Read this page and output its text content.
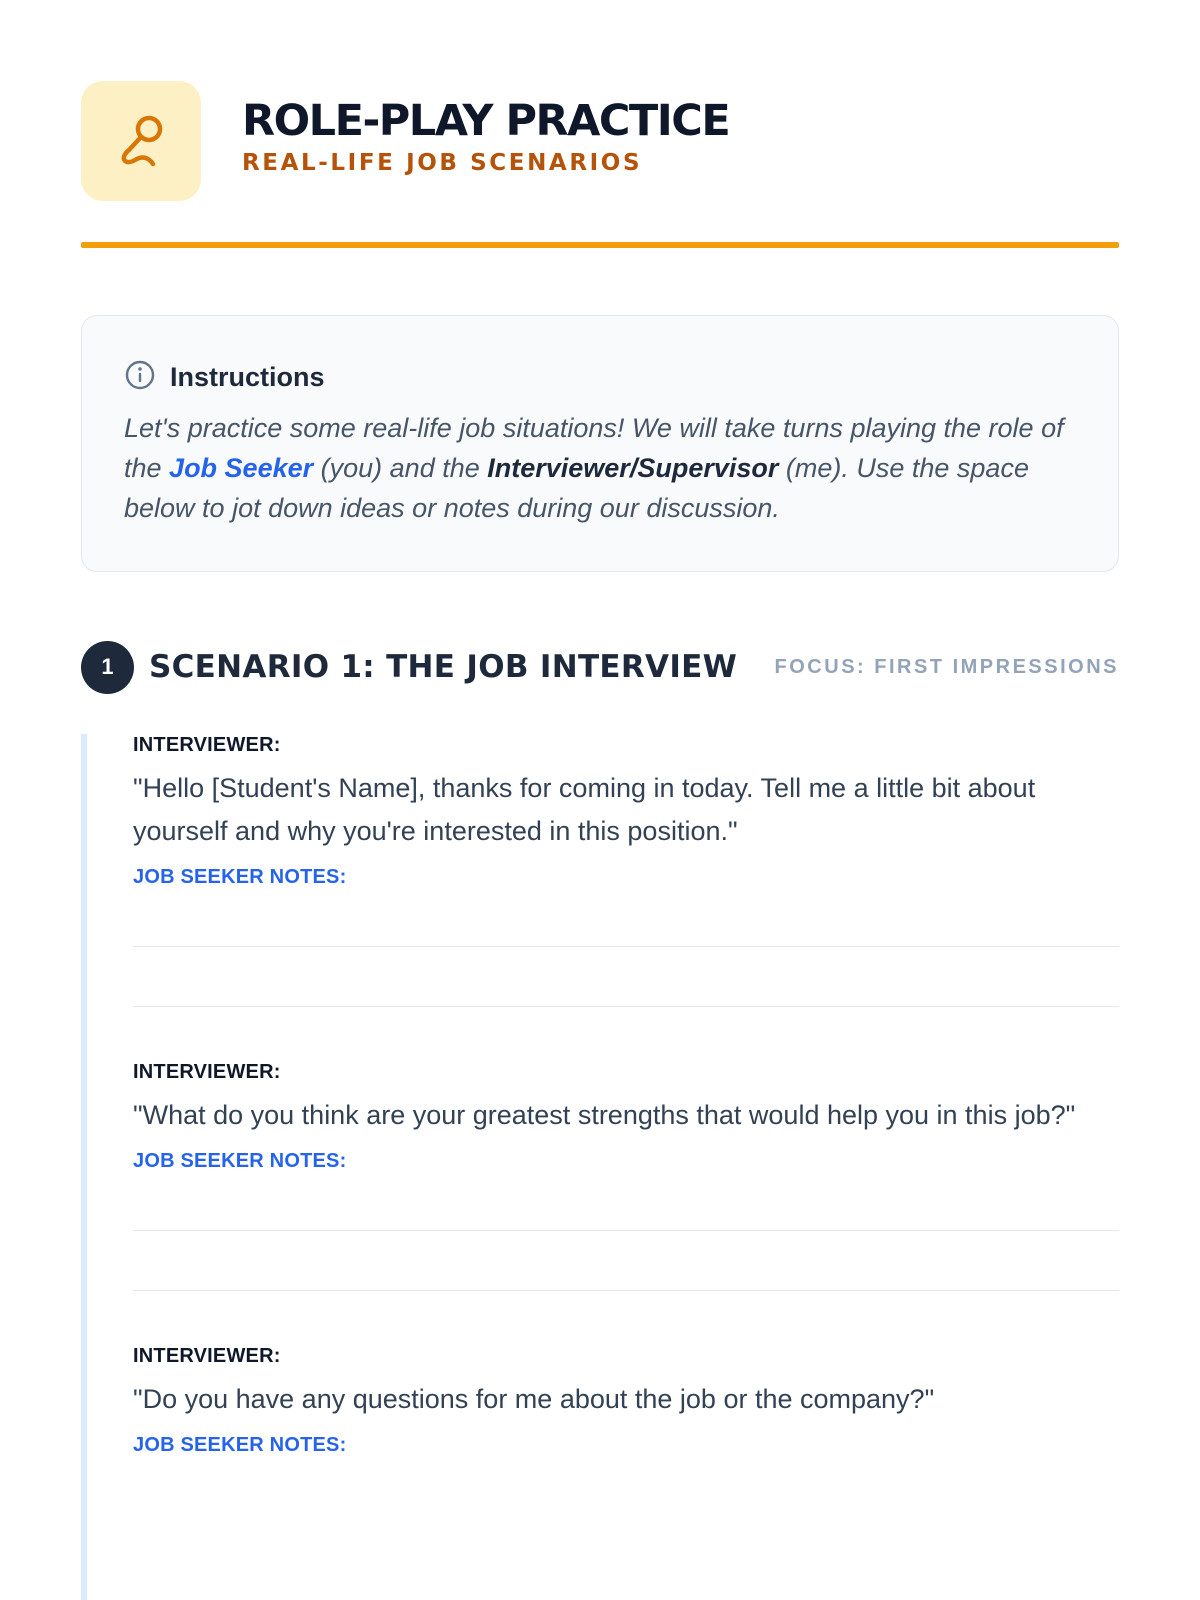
ROLE-PLAY PRACTICE
REAL-LIFE JOB SCENARIOS
Instructions

Let's practice some real-life job situations! We will take turns playing the role of the Job Seeker (you) and the Interviewer/Supervisor (me). Use the space below to jot down ideas or notes during our discussion.

1	SCENARIO 1: THE JOB INTERVIEW FOCUS: FIRST IMPRESSIONS
INTERVIEWER:
"Hello [Student's Name], thanks for coming in today. Tell me a little bit about yourself and why you're interested in this position."
JOB SEEKER NOTES:
INTERVIEWER:
"What do you think are your greatest strengths that would help you in this job?"
JOB SEEKER NOTES:
INTERVIEWER:
"Do you have any questions for me about the job or the company?"
JOB SEEKER NOTES:
